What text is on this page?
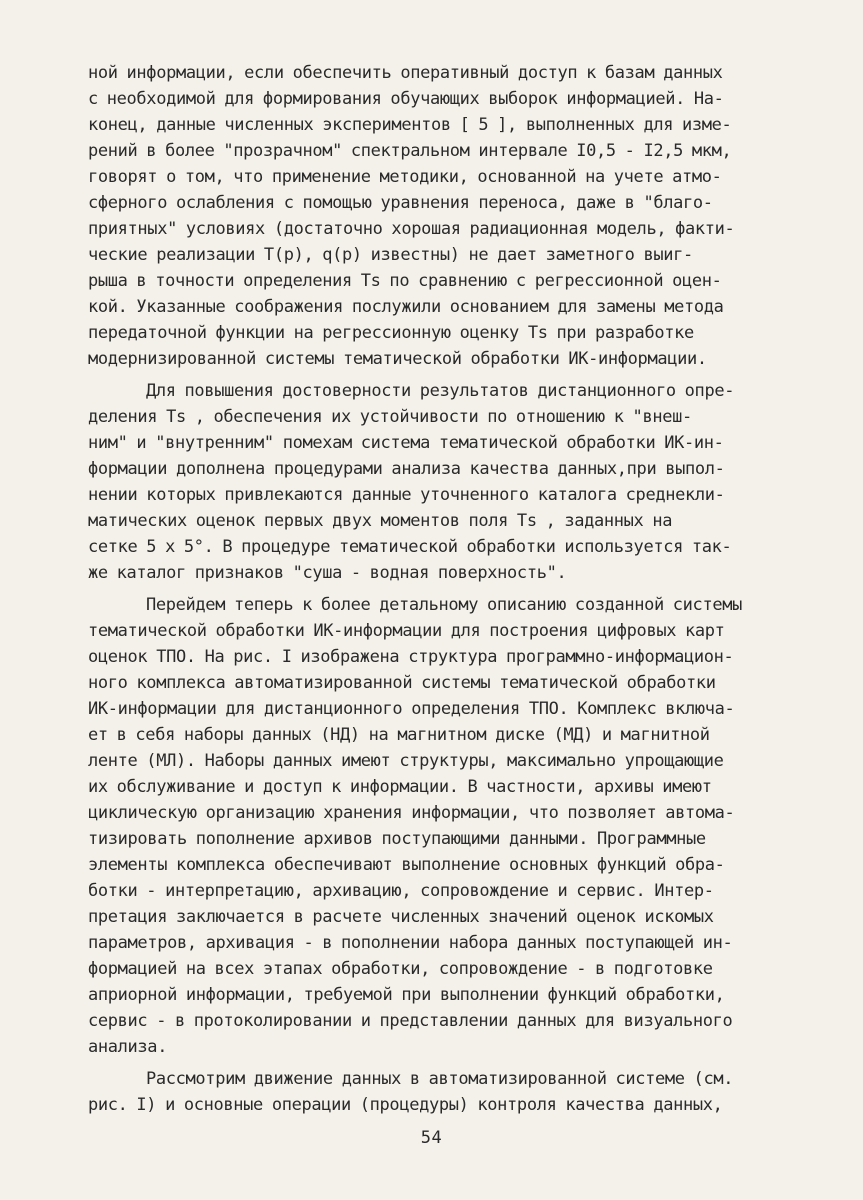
ной информации, если обеспечить оперативный доступ к базам данных
с необходимой для формирования обучающих выборок информацией. На-
конец, данные численных экспериментов [ 5 ], выполненных для изме-
рений в более "прозрачном" спектральном интервале I0,5 - I2,5 мкм,
говорят о том, что применение методики, основанной на учете атмо-
сферного ослабления с помощью уравнения переноса, даже в "благо-
приятных" условиях (достаточно хорошая радиационная модель, факти-
ческие реализации T(p), q(p) известны) не дает заметного выиг-
рыша в точности определения Ts по сравнению с регрессионной оцен-
кой. Указанные соображения послужили основанием для замены метода
передаточной функции на регрессионную оценку Ts при разработке
модернизированной системы тематической обработки ИК-информации.
Для повышения достоверности результатов дистанционного опре-
деления Ts , обеспечения их устойчивости по отношению к "внеш-
ним" и "внутренним" помехам система тематической обработки ИК-ин-
формации дополнена процедурами анализа качества данных,при выпол-
нении которых привлекаются данные уточненного каталога среднекли-
матических оценок первых двух моментов поля Ts , заданных на
сетке 5 x 5°. В процедуре тематической обработки используется так-
же каталог признаков "суша - водная поверхность".
Перейдем теперь к более детальному описанию созданной системы
тематической обработки ИК-информации для построения цифровых карт
оценок ТПО. На рис. I изображена структура программно-информацион-
ного комплекса автоматизированной системы тематической обработки
ИК-информации для дистанционного определения ТПО. Комплекс включа-
ет в себя наборы данных (НД) на магнитном диске (МД) и магнитной
ленте (МЛ). Наборы данных имеют структуры, максимально упрощающие
их обслуживание и доступ к информации. В частности, архивы имеют
циклическую организацию хранения информации, что позволяет автома-
тизировать пополнение архивов поступающими данными. Программные
элементы комплекса обеспечивают выполнение основных функций обра-
ботки - интерпретацию, архивацию, сопровождение и сервис. Интер-
претация заключается в расчете численных значений оценок искомых
параметров, архивация - в пополнении набора данных поступающей ин-
формацией на всех этапах обработки, сопровождение - в подготовке
априорной информации, требуемой при выполнении функций обработки,
сервис - в протоколировании и представлении данных для визуального
анализа.
Рассмотрим движение данных в автоматизированной системе (см.
рис. I) и основные операции (процедуры) контроля качества данных,
54
